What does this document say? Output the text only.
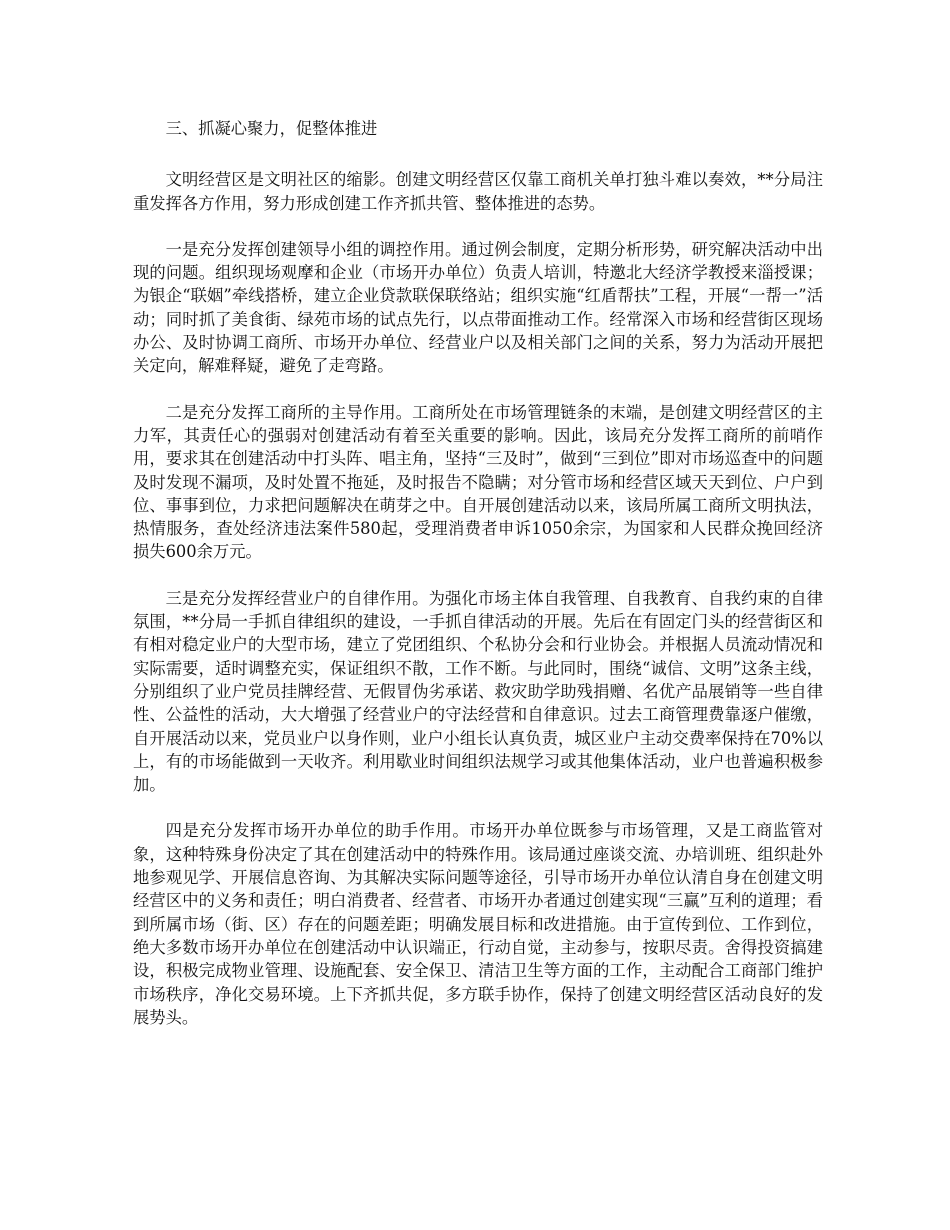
三、抓凝心聚力，促整体推进

文明经营区是文明社区的缩影。创建文明经营区仅靠工商机关单打独斗难以奏效，**分局注重发挥各方作用，努力形成创建工作齐抓共管、整体推进的态势。

一是充分发挥创建领导小组的调控作用。通过例会制度，定期分析形势，研究解决活动中出现的问题。组织现场观摩和企业（市场开办单位）负责人培训，特邀北大经济学教授来淄授课；为银企“联姻”牵线搭桥，建立企业贷款联保联络站；组织实施“红盾帮扶”工程，开展“一帮一”活动；同时抓了美食街、绿苑市场的试点先行，以点带面推动工作。经常深入市场和经营街区现场办公、及时协调工商所、市场开办单位、经营业户以及相关部门之间的关系，努力为活动开展把关定向，解难释疑，避免了走弯路。

二是充分发挥工商所的主导作用。工商所处在市场管理链条的末端，是创建文明经营区的主力军，其责任心的强弱对创建活动有着至关重要的影响。因此，该局充分发挥工商所的前哨作用，要求其在创建活动中打头阵、唱主角，坚持“三及时”，做到“三到位”即对市场巡查中的问题及时发现不漏项，及时处置不拖延，及时报告不隐瞒；对分管市场和经营区域天天到位、户户到位、事事到位，力求把问题解决在萌芽之中。自开展创建活动以来，该局所属工商所文明执法，热情服务，查处经济违法案件580起，受理消费者申诉1050余宗，为国家和人民群众挽回经济损失600余万元。

三是充分发挥经营业户的自律作用。为强化市场主体自我管理、自我教育、自我约束的自律氛围，**分局一手抓自律组织的建设，一手抓自律活动的开展。先后在有固定门头的经营街区和有相对稳定业户的大型市场，建立了党团组织、个私协分会和行业协会。并根据人员流动情况和实际需要，适时调整充实，保证组织不散，工作不断。与此同时，围绕“诚信、文明”这条主线，分别组织了业户党员挂牌经营、无假冒伪劣承诺、救灾助学助残捐赠、名优产品展销等一些自律性、公益性的活动，大大增强了经营业户的守法经营和自律意识。过去工商管理费靠逐户催缴，自开展活动以来，党员业户以身作则，业户小组长认真负责，城区业户主动交费率保持在70%以上，有的市场能做到一天收齐。利用歇业时间组织法规学习或其他集体活动，业户也普遍积极参加。

四是充分发挥市场开办单位的助手作用。市场开办单位既参与市场管理，又是工商监管对象，这种特殊身份决定了其在创建活动中的特殊作用。该局通过座谈交流、办培训班、组织赴外地参观见学、开展信息咨询、为其解决实际问题等途径，引导市场开办单位认清自身在创建文明经营区中的义务和责任；明白消费者、经营者、市场开办者通过创建实现“三赢”互利的道理；看到所属市场（街、区）存在的问题差距；明确发展目标和改进措施。由于宣传到位、工作到位，绝大多数市场开办单位在创建活动中认识端正，行动自觉，主动参与，按职尽责。舍得投资搞建设，积极完成物业管理、设施配套、安全保卫、清洁卫生等方面的工作，主动配合工商部门维护市场秩序，净化交易环境。上下齐抓共促，多方联手协作，保持了创建文明经营区活动良好的发展势头。
